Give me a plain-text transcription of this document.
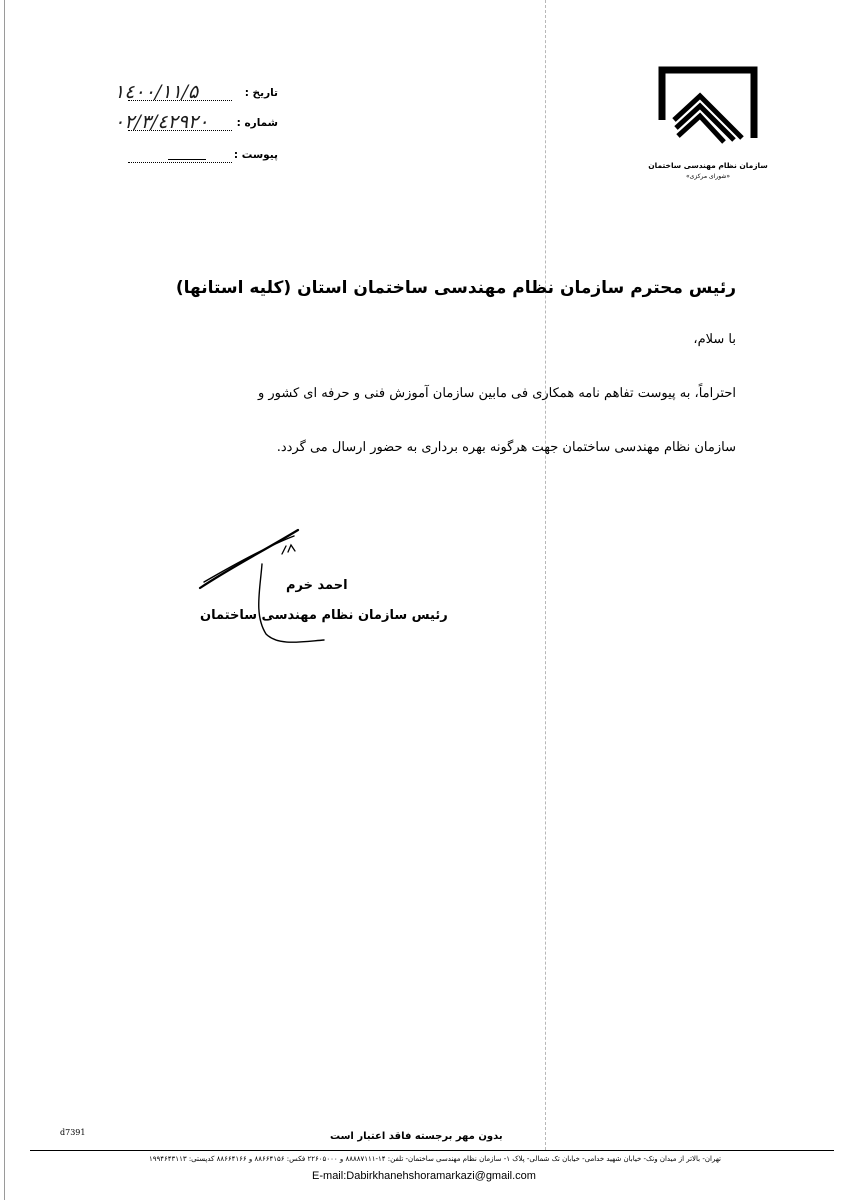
سازمان نظام مهندسی ساختمان
«شورای مرکزی»
تاریخ :
۱٤٠٠/۱۱/۵
شماره :
٠٢/٣/٤٢٩٢٠
پیوست :
رئیس محترم سازمان نظام مهندسی ساختمان استان (کلیه استانها)
با سلام،
احتراماً، به پیوست تفاهم نامه همکاری فی مابین سازمان آموزش فنی و حرفه ای کشور و
سازمان نظام مهندسی ساختمان جهت هرگونه بهره برداری به حضور ارسال می گردد.
احمد خرم
رئیس سازمان نظام مهندسی ساختمان
d7391	بدون مهر برجسته فاقد اعتبار است
تهران- بالاتر از میدان ونک- خیابان شهید خدامی- خیابان تک شمالی- پلاک ۱- سازمان نظام مهندسی ساختمان- تلفن: ۱۴-۸۸۸۸۷۱۱۱ و ۲۲۶۰۵۰۰۰ فکس: ۸۸۶۶۴۱۵۶ و ۸۸۶۶۴۱۶۶ کدپستی: ۱۹۹۴۶۴۳۱۱۳
E-mail:Dabirkhanehshoramarkazi@gmail.com
